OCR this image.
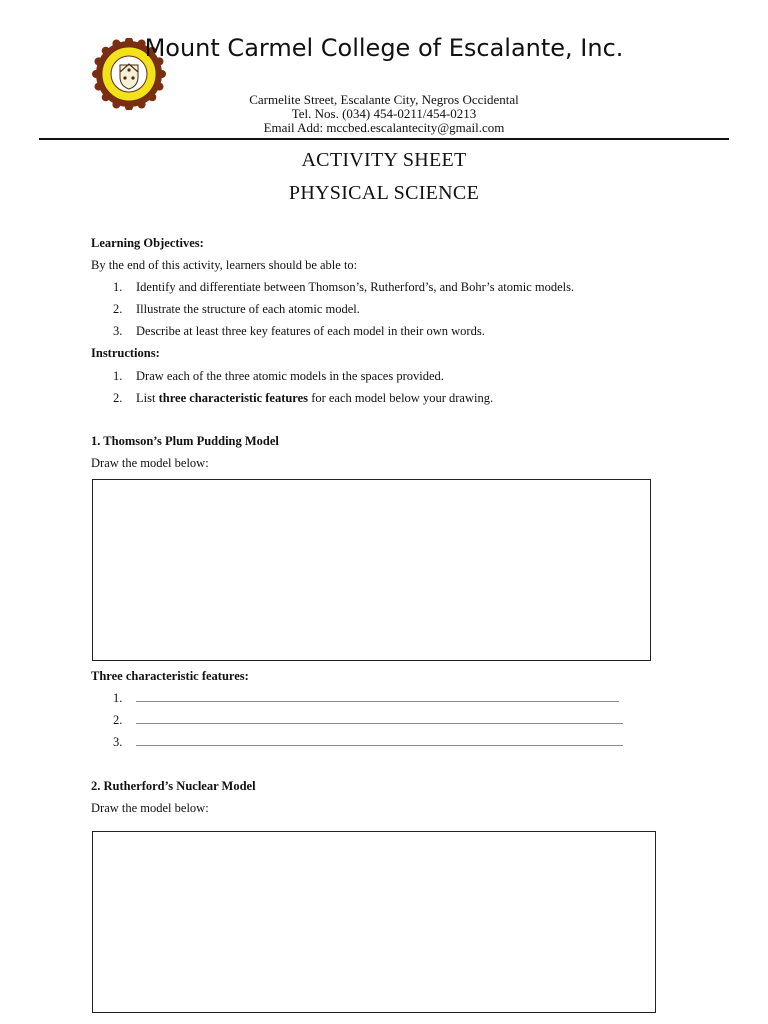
Mount Carmel College of Escalante, Inc.
Carmelite Street, Escalante City, Negros Occidental
Tel. Nos. (034) 454-0211/454-0213
Email Add: mccbed.escalantecity@gmail.com
ACTIVITY SHEET
PHYSICAL SCIENCE
Learning Objectives:
By the end of this activity, learners should be able to:
1. Identify and differentiate between Thomson’s, Rutherford’s, and Bohr’s atomic models.
2. Illustrate the structure of each atomic model.
3. Describe at least three key features of each model in their own words.
Instructions:
1. Draw each of the three atomic models in the spaces provided.
2. List three characteristic features for each model below your drawing.
1. Thomson’s Plum Pudding Model
Draw the model below:
Three characteristic features:
1.
2.
3.
2. Rutherford’s Nuclear Model
Draw the model below:
